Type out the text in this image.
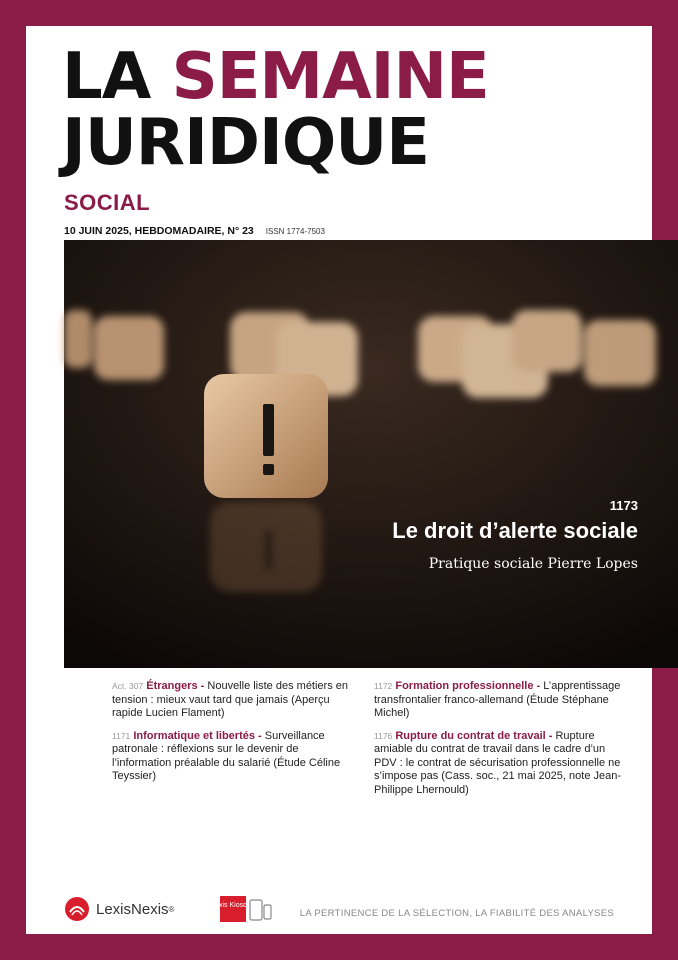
LA SEMAINE
JURIDIQUE
SOCIAL
10 JUIN 2025, HEBDOMADAIRE, N° 23 ISSN 1774-7503
1173
Le droit d’alerte sociale
Pratique sociale Pierre Lopes
Act. 307 Étrangers - Nouvelle liste des métiers en tension : mieux vaut tard que jamais (Aperçu rapide Lucien Flament)
1171 Informatique et libertés - Surveillance patronale : réflexions sur le devenir de l’information préalable du salarié (Étude Céline Teyssier)
1172 Formation professionnelle - L’apprentissage transfrontalier franco-allemand (Étude Stéphane Michel)
1176 Rupture du contrat de travail - Rupture amiable du contrat de travail dans le cadre d’un PDV : le contrat de sécurisation professionnelle ne s’impose pas (Cass. soc., 21 mai 2025, note Jean-Philippe Lhernould)
LexisNexis ®	Lexis Kiosque
LA PERTINENCE DE LA SÉLECTION, LA FIABILITÉ DES ANALYSES
